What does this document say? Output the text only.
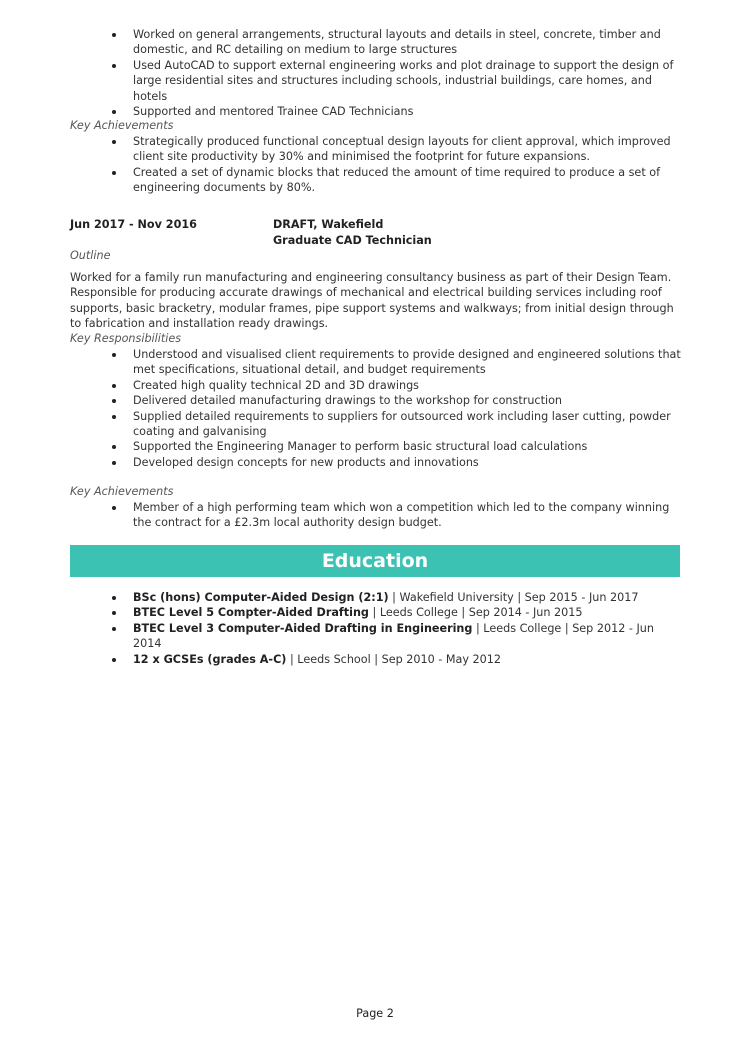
Worked on general arrangements, structural layouts and details in steel, concrete, timber and domestic, and RC detailing on medium to large structures
Used AutoCAD to support external engineering works and plot drainage to support the design of large residential sites and structures including schools, industrial buildings, care homes, and hotels
Supported and mentored Trainee CAD Technicians
Key Achievements
Strategically produced functional conceptual design layouts for client approval, which improved client site productivity by 30% and minimised the footprint for future expansions.
Created a set of dynamic blocks that reduced the amount of time required to produce a set of engineering documents by 80%.
Jun 2017 - Nov 2016	DRAFT, Wakefield
Graduate CAD Technician
Outline
Worked for a family run manufacturing and engineering consultancy business as part of their Design Team. Responsible for producing accurate drawings of mechanical and electrical building services including roof supports, basic bracketry, modular frames, pipe support systems and walkways; from initial design through to fabrication and installation ready drawings.
Key Responsibilities
Understood and visualised client requirements to provide designed and engineered solutions that met specifications, situational detail, and budget requirements
Created high quality technical 2D and 3D drawings
Delivered detailed manufacturing drawings to the workshop for construction
Supplied detailed requirements to suppliers for outsourced work including laser cutting, powder coating and galvanising
Supported the Engineering Manager to perform basic structural load calculations
Developed design concepts for new products and innovations
Key Achievements
Member of a high performing team which won a competition which led to the company winning the contract for a £2.3m local authority design budget.
Education
BSc (hons) Computer-Aided Design (2:1) | Wakefield University | Sep 2015 - Jun 2017
BTEC Level 5 Compter-Aided Drafting | Leeds College | Sep 2014 - Jun 2015
BTEC Level 3 Computer-Aided Drafting in Engineering | Leeds College | Sep 2012 - Jun 2014
12 x GCSEs (grades A-C) | Leeds School | Sep 2010 - May 2012
Page 2
